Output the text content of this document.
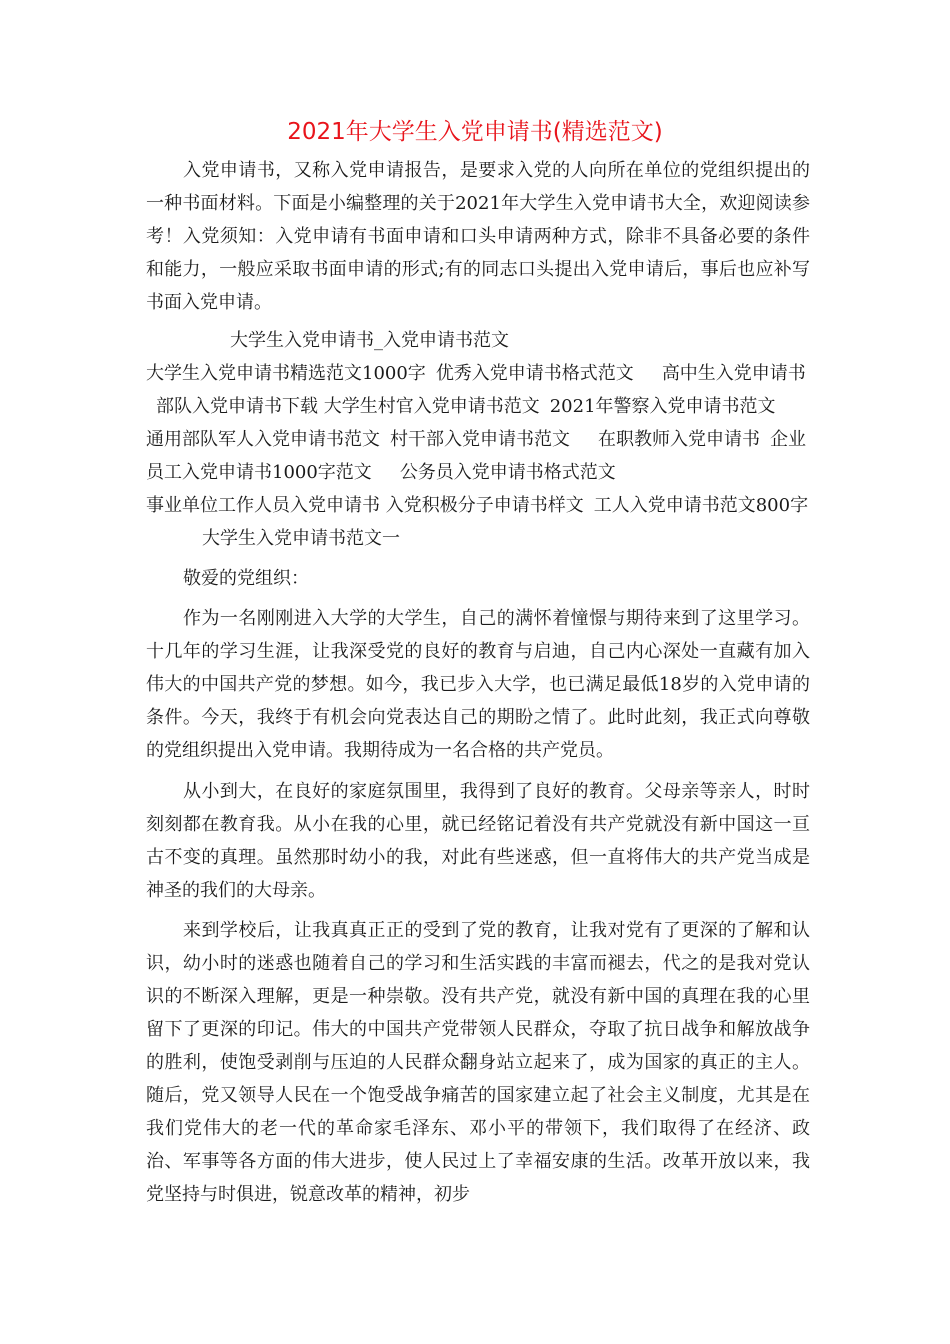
2021年大学生入党申请书(精选范文)

入党申请书，又称入党申请报告，是要求入党的人向所在单位的党组织提出的一种书面材料。下面是小编整理的关于2021年大学生入党申请书大全，欢迎阅读参考！入党须知：入党申请有书面申请和口头申请两种方式，除非不具备必要的条件和能力，一般应采取书面申请的形式;有的同志口头提出入党申请后，事后也应补写书面入党申请。

大学生入党申请书_入党申请书范文大学生入党申请书精选范文1000字 优秀入党申请书格式范文 高中生入党申请书部队入党申请书下载 大学生村官入党申请书范文 2021年警察入党申请书范文通用部队军人入党申请书范文 村干部入党申请书范文 在职教师入党申请书 企业员工入党申请书1000字范文 公务员入党申请书格式范文事业单位工作人员入党申请书 入党积极分子申请书样文 工人入党申请书范文800字大学生入党申请书范文一

敬爱的党组织：

作为一名刚刚进入大学的大学生，自己的满怀着憧憬与期待来到了这里学习。十几年的学习生涯，让我深受党的良好的教育与启迪，自己内心深处一直藏有加入伟大的中国共产党的梦想。如今，我已步入大学，也已满足最低18岁的入党申请的条件。今天，我终于有机会向党表达自己的期盼之情了。此时此刻，我正式向尊敬的党组织提出入党申请。我期待成为一名合格的共产党员。

从小到大，在良好的家庭氛围里，我得到了良好的教育。父母亲等亲人，时时刻刻都在教育我。从小在我的心里，就已经铭记着没有共产党就没有新中国这一亘古不变的真理。虽然那时幼小的我，对此有些迷惑，但一直将伟大的共产党当成是神圣的我们的大母亲。

来到学校后，让我真真正正的受到了党的教育，让我对党有了更深的了解和认识，幼小时的迷惑也随着自己的学习和生活实践的丰富而褪去，代之的是我对党认识的不断深入理解，更是一种崇敬。没有共产党，就没有新中国的真理在我的心里留下了更深的印记。伟大的中国共产党带领人民群众，夺取了抗日战争和解放战争的胜利，使饱受剥削与压迫的人民群众翻身站立起来了，成为国家的真正的主人。随后，党又领导人民在一个饱受战争痛苦的国家建立起了社会主义制度，尤其是在我们党伟大的老一代的革命家毛泽东、邓小平的带领下，我们取得了在经济、政治、军事等各方面的伟大进步，使人民过上了幸福安康的生活。改革开放以来，我党坚持与时俱进，锐意改革的精神，初步
